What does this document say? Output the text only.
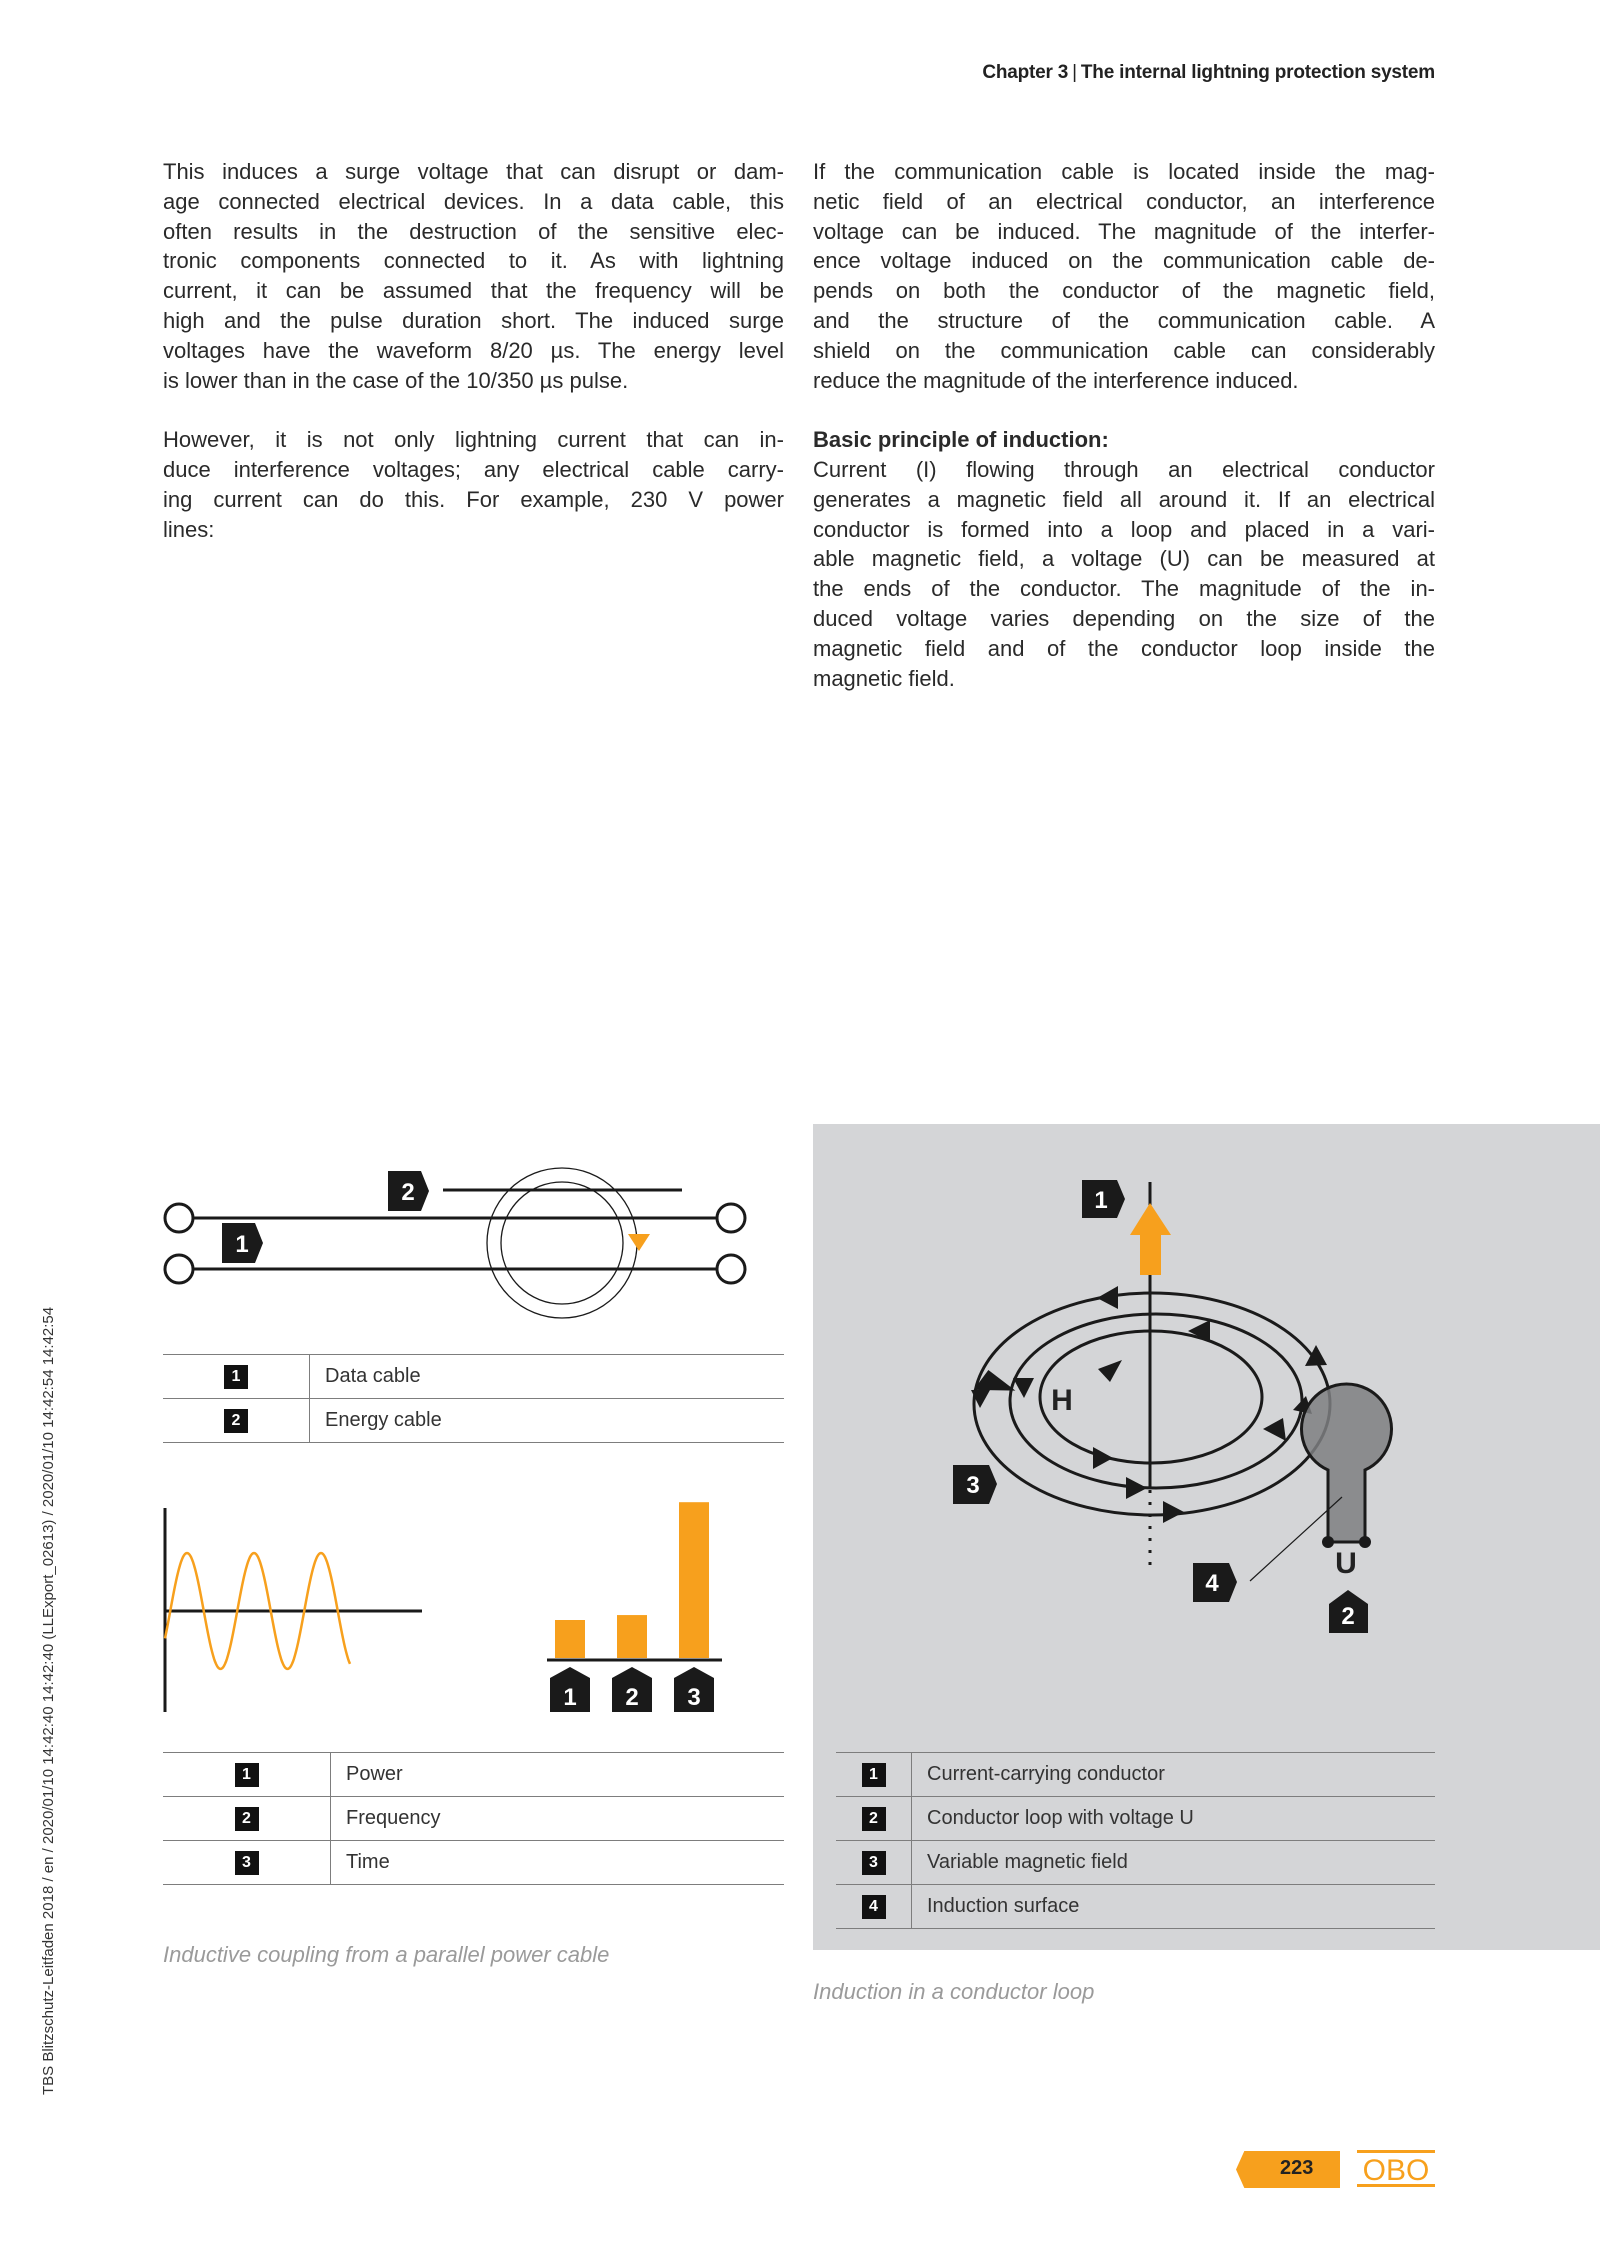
Chapter 3 | The internal lightning protection system
This induces a surge voltage that can disrupt or dam-
age connected electrical devices. In a data cable, this
often results in the destruction of the sensitive elec-
tronic components connected to it. As with lightning
current, it can be assumed that the frequency will be
high and the pulse duration short. The induced surge
voltages have the waveform 8/20 µs. The energy level
is lower than in the case of the 10/350 µs pulse.
However, it is not only lightning current that can in-
duce interference voltages; any electrical cable carry-
ing current can do this. For example, 230 V power
lines:
If the communication cable is located inside the mag-
netic field of an electrical conductor, an interference
voltage can be induced. The magnitude of the interfer-
ence voltage induced on the communication cable de-
pends on both the conductor of the magnetic field,
and the structure of the communication cable. A
shield on the communication cable can considerably
reduce the magnitude of the interference induced.
Basic principle of induction:
Current (I) flowing through an electrical conductor
generates a magnetic field all around it. If an electrical
conductor is formed into a loop and placed in a vari-
able magnetic field, a voltage (U) can be measured at
the ends of the conductor. The magnitude of the in-
duced voltage varies depending on the size of the
magnetic field and of the conductor loop inside the
magnetic field.
1
2
1 2 3
H
U
1
2
3
4
OBO
1	Data cable
2	Energy cable
1	Power
2	Frequency
3	Time
Inductive coupling from a parallel power cable
1	Current-carrying conductor
2	Conductor loop with voltage U
3	Variable magnetic field
4	Induction surface
Induction in a conductor loop
TBS Blitzschutz-Leitfaden 2018 / en / 2020/01/10 14:42:40 14:42:40 (LLExport_02613) / 2020/01/10 14:42:54 14:42:54
223
